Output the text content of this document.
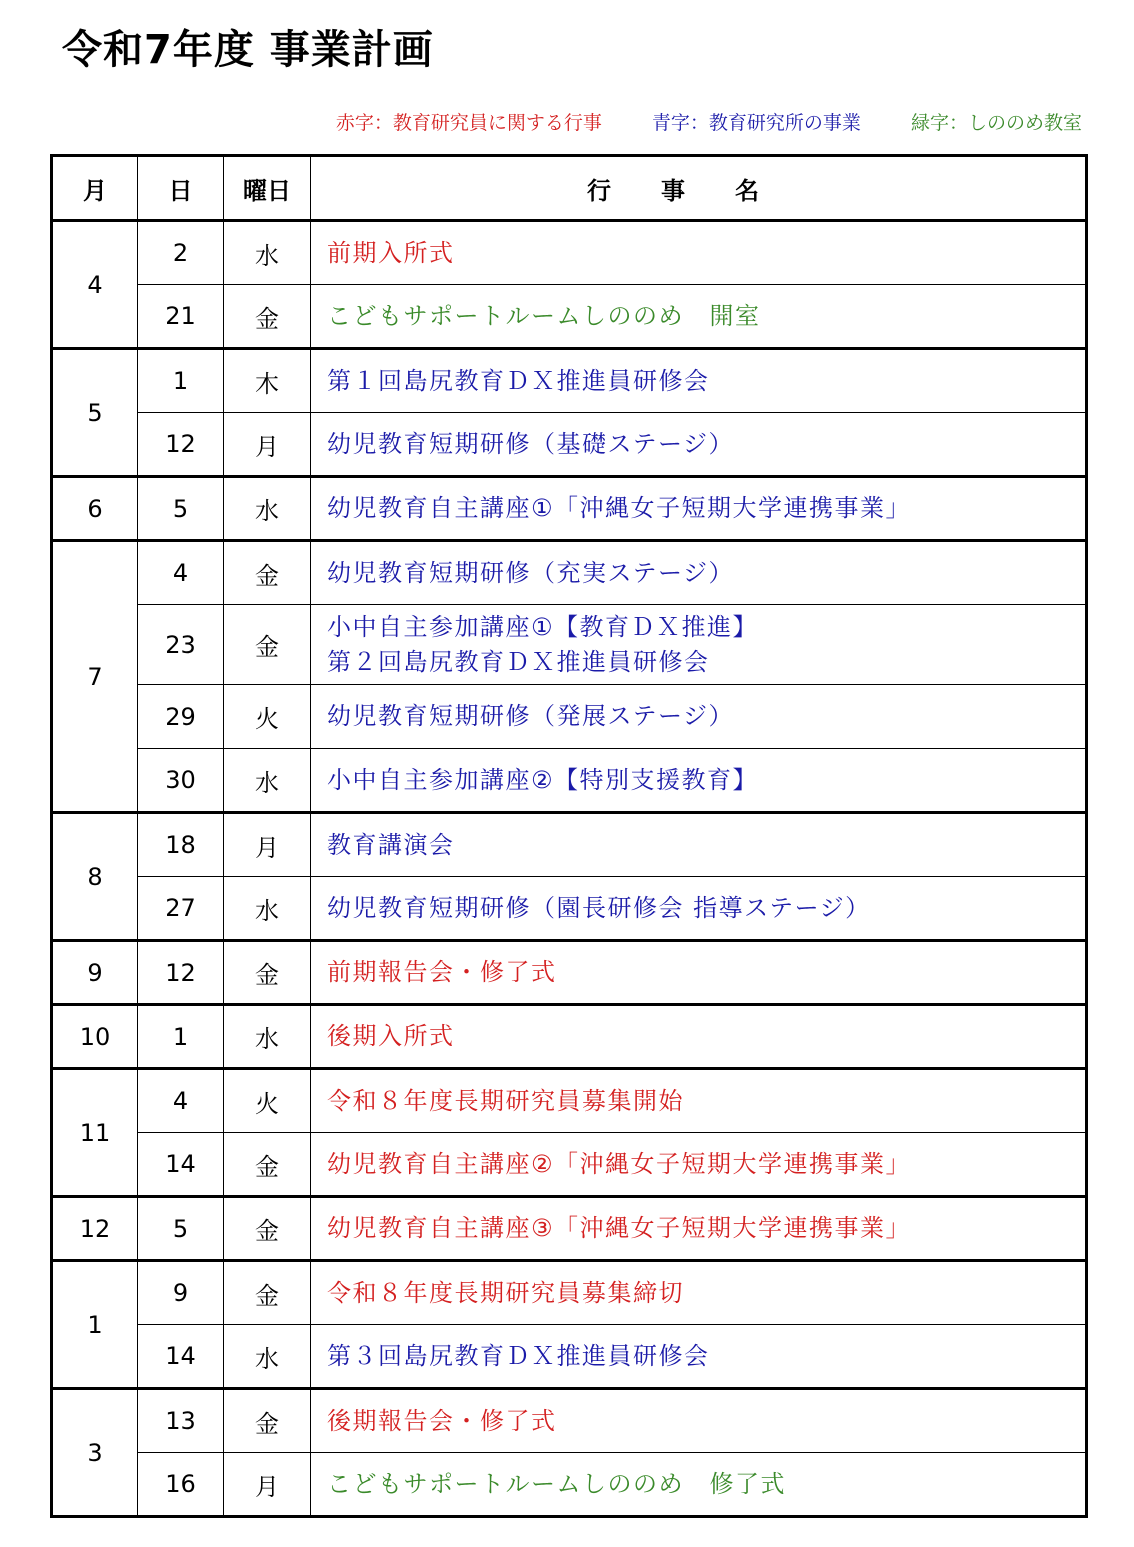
令和7年度 事業計画
赤字：教育研究員に関する行事	青字：教育研究所の事業	緑字：しののめ教室
月	日	曜日	行事名
4	2	水	前期入所式

	21	金	こどもサポートルームしののめ　開室

5	1	木	第１回島尻教育ＤＸ推進員研修会

	12	月	幼児教育短期研修（基礎ステージ）

6	5	水	幼児教育自主講座①「沖縄女子短期大学連携事業」

7	4	金	幼児教育短期研修（充実ステージ）

	23	金	小中自主参加講座①【教育ＤＸ推進】
第２回島尻教育ＤＸ推進員研修会

	29	火	幼児教育短期研修（発展ステージ）

	30	水	小中自主参加講座②【特別支援教育】

8	18	月	教育講演会

	27	水	幼児教育短期研修（園長研修会 指導ステージ）

9	12	金	前期報告会・修了式

10	1	水	後期入所式

11	4	火	令和８年度長期研究員募集開始

	14	金	幼児教育自主講座②「沖縄女子短期大学連携事業」

12	5	金	幼児教育自主講座③「沖縄女子短期大学連携事業」

1	9	金	令和８年度長期研究員募集締切

	14	水	第３回島尻教育ＤＸ推進員研修会

3	13	金	後期報告会・修了式

	16	月	こどもサポートルームしののめ　修了式
